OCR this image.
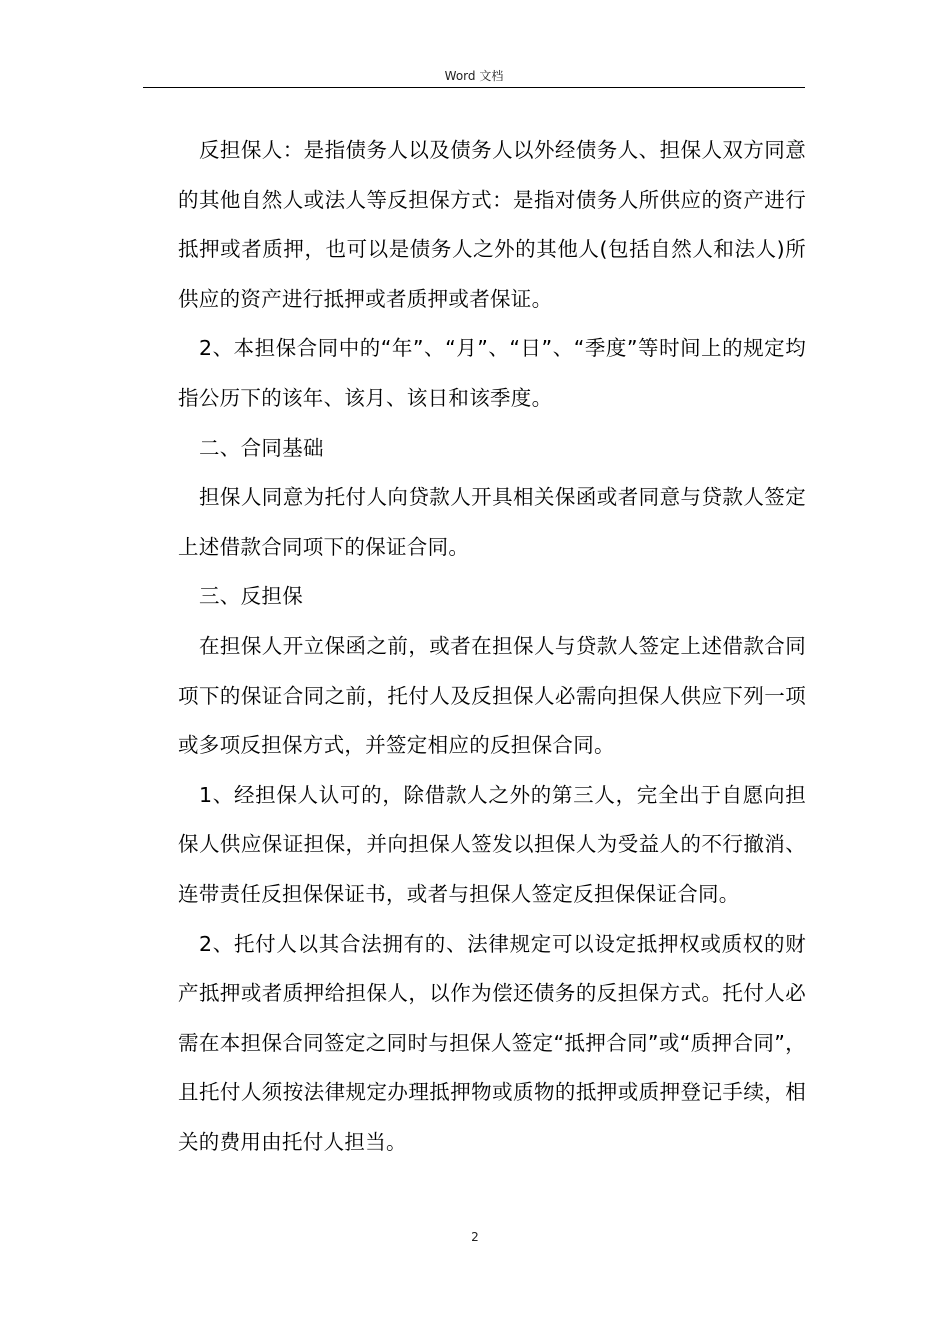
Word 文档

反担保人：是指债务人以及债务人以外经债务人、担保人双方同意的其他自然人或法人等反担保方式：是指对债务人所供应的资产进行抵押或者质押，也可以是债务人之外的其他人(包括自然人和法人)所供应的资产进行抵押或者质押或者保证。

2、本担保合同中的“年”、“月”、“日”、“季度”等时间上的规定均指公历下的该年、该月、该日和该季度。

二、合同基础

担保人同意为托付人向贷款人开具相关保函或者同意与贷款人签定上述借款合同项下的保证合同。

三、反担保

在担保人开立保函之前，或者在担保人与贷款人签定上述借款合同项下的保证合同之前，托付人及反担保人必需向担保人供应下列一项或多项反担保方式，并签定相应的反担保合同。

1、经担保人认可的，除借款人之外的第三人，完全出于自愿向担保人供应保证担保，并向担保人签发以担保人为受益人的不行撤消、连带责任反担保保证书，或者与担保人签定反担保保证合同。

2、托付人以其合法拥有的、法律规定可以设定抵押权或质权的财产抵押或者质押给担保人，以作为偿还债务的反担保方式。托付人必需在本担保合同签定之同时与担保人签定“抵押合同”或“质押合同”，且托付人须按法律规定办理抵押物或质物的抵押或质押登记手续，相关的费用由托付人担当。

2
